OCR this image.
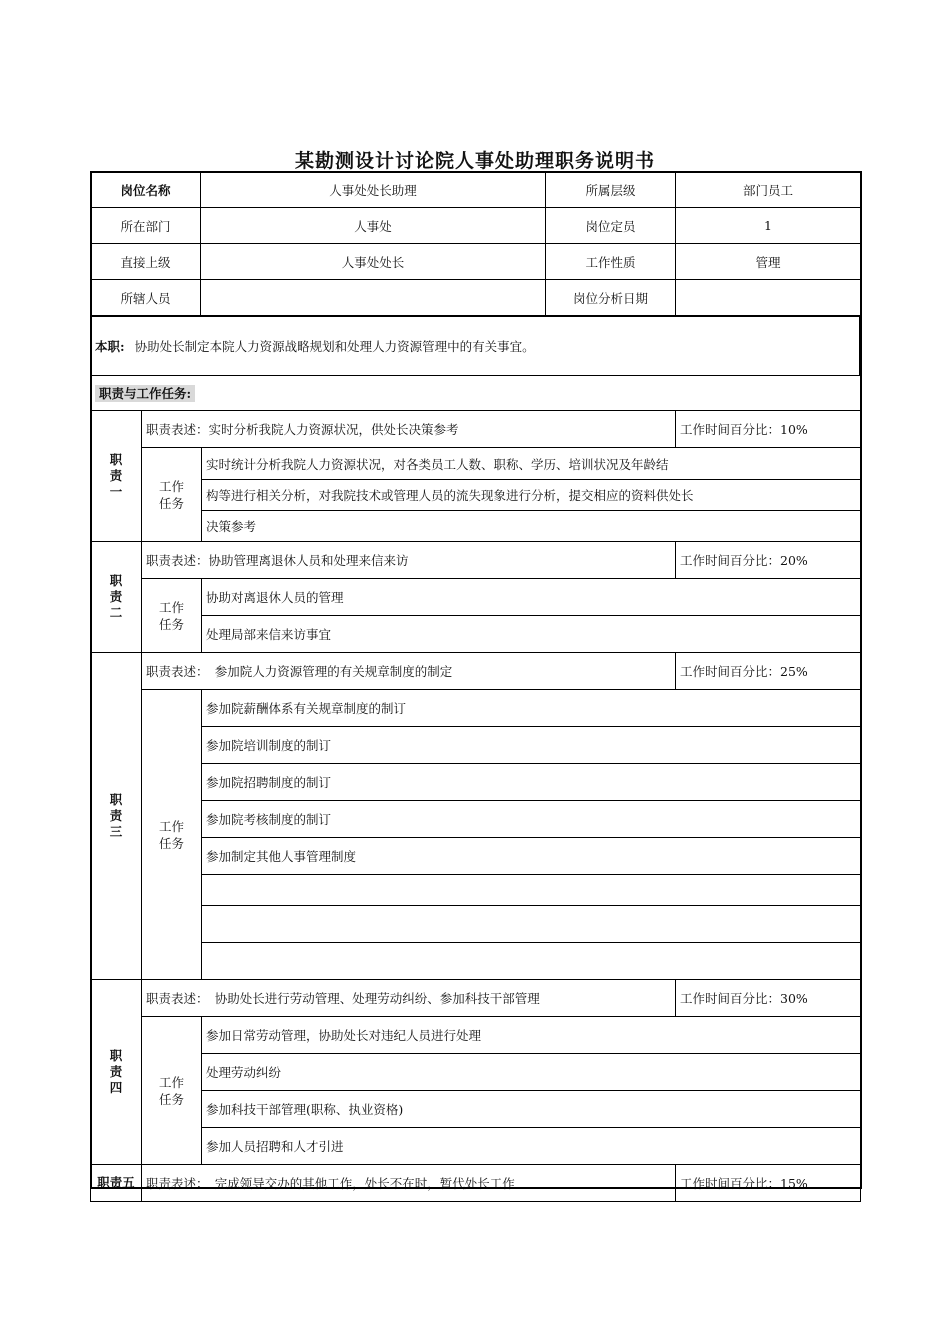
某勘测设计讨论院人事处助理职务说明书
岗位名称	人事处处长助理	所属层级	部门员工
所在部门	人事处	岗位定员	1
直接上级	人事处处长	工作性质	管理
所辖人员		岗位分析日期	
本职: 协助处长制定本院人力资源战略规划和处理人力资源管理中的有关事宜。
职责与工作任务:			
职责一	职责表述：实时分析我院人力资源状况，供处长决策参考		工作时间百分比：10%
	工作任务	实时统计分析我院人力资源状况，对各类员工人数、职称、学历、培训状况及年龄结	
		构等进行相关分析，对我院技术或管理人员的流失现象进行分析，提交相应的资料供处长	
		决策参考	
职责二	职责表述：协助管理离退休人员和处理来信来访		工作时间百分比：20%
	工作任务	协助对离退休人员的管理	
		处理局部来信来访事宜	
职责三	职责表述：　参加院人力资源管理的有关规章制度的制定		工作时间百分比：25%
	工作任务	参加院薪酬体系有关规章制度的制订	
		参加院培训制度的制订	
		参加院招聘制度的制订	
		参加院考核制度的制订	
		参加制定其他人事管理制度	

职责四	职责表述：　协助处长进行劳动管理、处理劳动纠纷、参加科技干部管理		工作时间百分比：30%
	工作任务	参加日常劳动管理，协助处长对违纪人员进行处理	
		处理劳动纠纷	
		参加科技干部管理(职称、执业资格)	
		参加人员招聘和人才引进	
职责五	职责表述：　完成领导交办的其他工作，处长不在时，暂代处长工作		工作时间百分比：15%
